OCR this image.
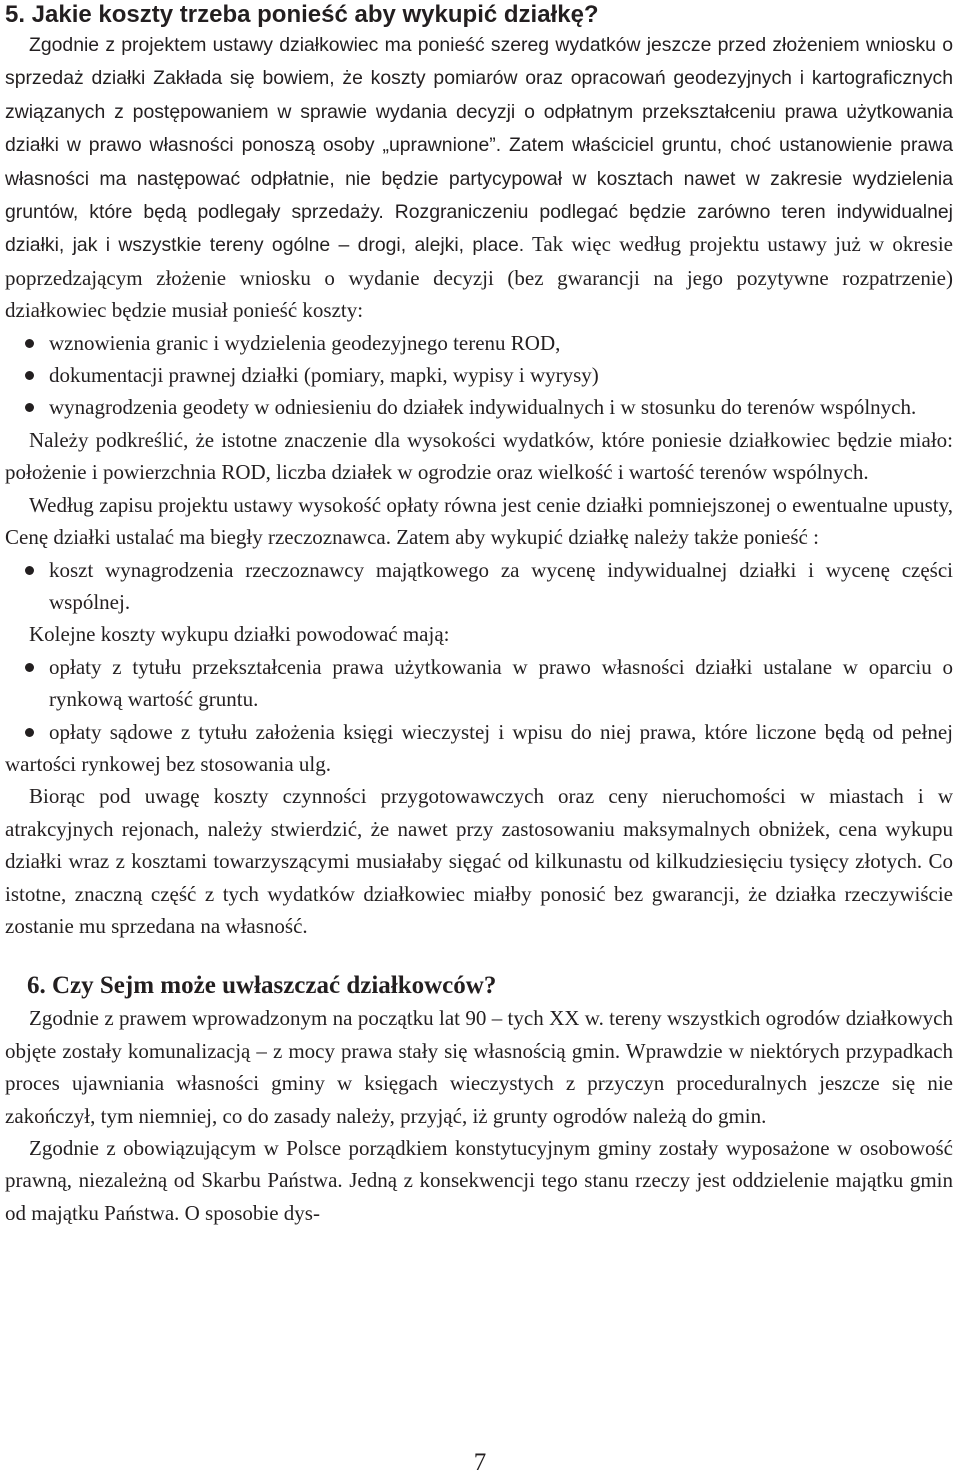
5. Jakie koszty trzeba ponieść aby wykupić działkę?

Zgodnie z projektem ustawy działkowiec ma ponieść szereg wydatków jeszcze przed złożeniem wniosku o sprzedaż działki Zakłada się bowiem, że koszty pomiarów oraz opracowań geodezyjnych i kartograficznych związanych z postępowaniem w sprawie wydania decyzji o odpłatnym przekształceniu prawa użytkowania działki w prawo własności ponoszą osoby „uprawnione”. Zatem właściciel gruntu, choć ustanowienie prawa własności ma następować odpłatnie, nie będzie partycypował w kosztach nawet w zakresie wydzielenia gruntów, które będą podlegały sprzedaży. Rozgraniczeniu podlegać będzie zarówno teren indywidualnej działki, jak i wszystkie tereny ogólne – drogi, alejki, place. Tak więc według projektu ustawy już w okresie poprzedzającym złożenie wniosku o wydanie decyzji (bez gwarancji na jego pozytywne rozpatrzenie) działkowiec będzie musiał ponieść koszty:

wznowienia granic i wydzielenia geodezyjnego terenu ROD,
dokumentacji prawnej działki (pomiary, mapki, wypisy i wyrysy)
wynagrodzenia geodety w odniesieniu do działek indywidualnych i w stosunku do terenów wspólnych.

Należy podkreślić, że istotne znaczenie dla wysokości wydatków, które poniesie działkowiec będzie miało: położenie i powierzchnia ROD, liczba działek w ogrodzie oraz wielkość i wartość terenów wspólnych.

Według zapisu projektu ustawy wysokość opłaty równa jest cenie działki pomniejszonej o ewentualne upusty, Cenę działki ustalać ma biegły rzeczoznawca. Zatem aby wykupić działkę należy także ponieść :

koszt wynagrodzenia rzeczoznawcy majątkowego za wycenę indywidualnej działki i wycenę części wspólnej.

Kolejne koszty wykupu działki powodować mają:

opłaty z tytułu przekształcenia prawa użytkowania w prawo własności działki ustalane w oparciu o rynkową wartość gruntu.
opłaty sądowe z tytułu założenia księgi wieczystej i wpisu do niej prawa, które liczone będą od pełnej wartości rynkowej bez stosowania ulg.

Biorąc pod uwagę koszty czynności przygotowawczych oraz ceny nieruchomości w miastach i w atrakcyjnych rejonach, należy stwierdzić, że nawet przy zastosowaniu maksymalnych obniżek, cena wykupu działki wraz z kosztami towarzyszącymi musiałaby sięgać od kilkunastu od kilkudziesięciu tysięcy złotych. Co istotne, znaczną część z tych wydatków działkowiec miałby ponosić bez gwarancji, że działka rzeczywiście zostanie mu sprzedana na własność.

6. Czy Sejm może uwłaszczać działkowców?

Zgodnie z prawem wprowadzonym na początku lat 90 – tych XX w. tereny wszystkich ogrodów działkowych objęte zostały komunalizacją – z mocy prawa stały się własnością gmin. Wprawdzie w niektórych przypadkach proces ujawniania własności gminy w księgach wieczystych z przyczyn proceduralnych jeszcze się nie zakończył, tym niemniej, co do zasady należy, przyjąć, iż grunty ogrodów należą do gmin.

Zgodnie z obowiązującym w Polsce porządkiem konstytucyjnym gminy zostały wyposażone w osobowość prawną, niezależną od Skarbu Państwa. Jedną z konsekwencji tego stanu rzeczy jest oddzielenie majątku gmin od majątku Państwa. O sposobie dys-

7
